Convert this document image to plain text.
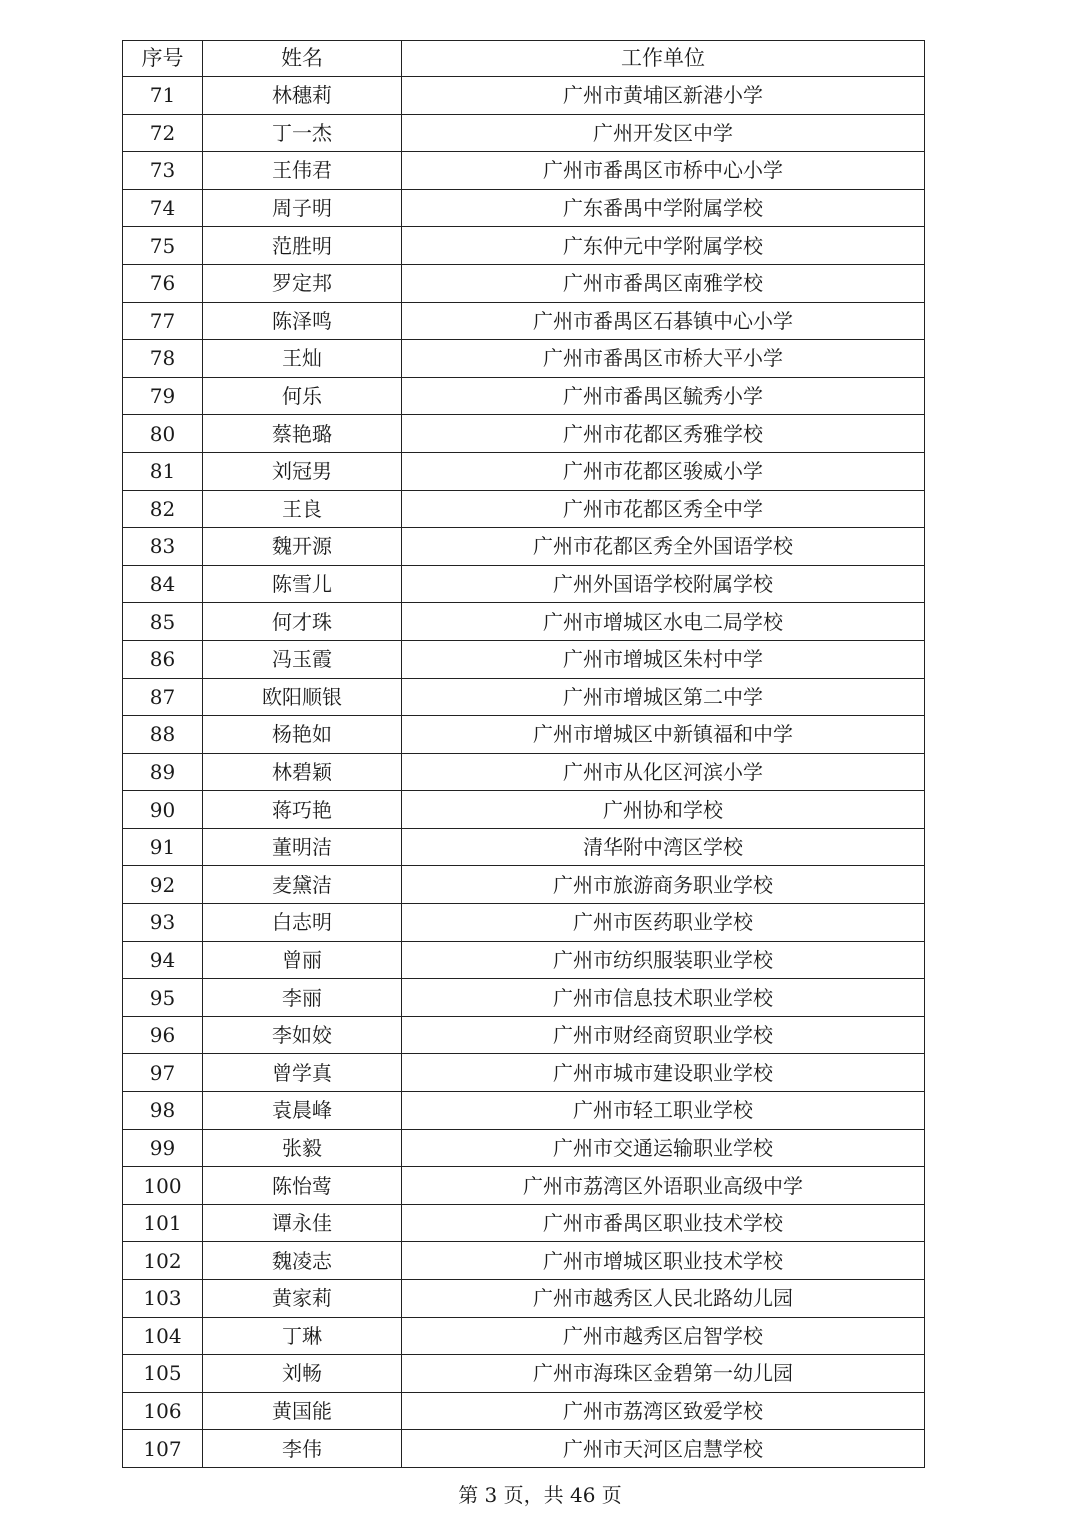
序号	姓名	工作单位
71	林穗莉	广州市黄埔区新港小学
72	丁一杰	广州开发区中学
73	王伟君	广州市番禺区市桥中心小学
74	周子明	广东番禺中学附属学校
75	范胜明	广东仲元中学附属学校
76	罗定邦	广州市番禺区南雅学校
77	陈泽鸣	广州市番禺区石碁镇中心小学
78	王灿	广州市番禺区市桥大平小学
79	何乐	广州市番禺区毓秀小学
80	蔡艳璐	广州市花都区秀雅学校
81	刘冠男	广州市花都区骏威小学
82	王良	广州市花都区秀全中学
83	魏开源	广州市花都区秀全外国语学校
84	陈雪儿	广州外国语学校附属学校
85	何才珠	广州市增城区水电二局学校
86	冯玉霞	广州市增城区朱村中学
87	欧阳顺银	广州市增城区第二中学
88	杨艳如	广州市增城区中新镇福和中学
89	林碧颖	广州市从化区河滨小学
90	蒋巧艳	广州协和学校
91	董明洁	清华附中湾区学校
92	麦黛洁	广州市旅游商务职业学校
93	白志明	广州市医药职业学校
94	曾丽	广州市纺织服装职业学校
95	李丽	广州市信息技术职业学校
96	李如姣	广州市财经商贸职业学校
97	曾学真	广州市城市建设职业学校
98	袁晨峰	广州市轻工职业学校
99	张毅	广州市交通运输职业学校
100	陈怡莺	广州市荔湾区外语职业高级中学
101	谭永佳	广州市番禺区职业技术学校
102	魏凌志	广州市增城区职业技术学校
103	黄家莉	广州市越秀区人民北路幼儿园
104	丁琳	广州市越秀区启智学校
105	刘畅	广州市海珠区金碧第一幼儿园
106	黄国能	广州市荔湾区致爱学校
107	李伟	广州市天河区启慧学校
第 3 页，共 46 页
